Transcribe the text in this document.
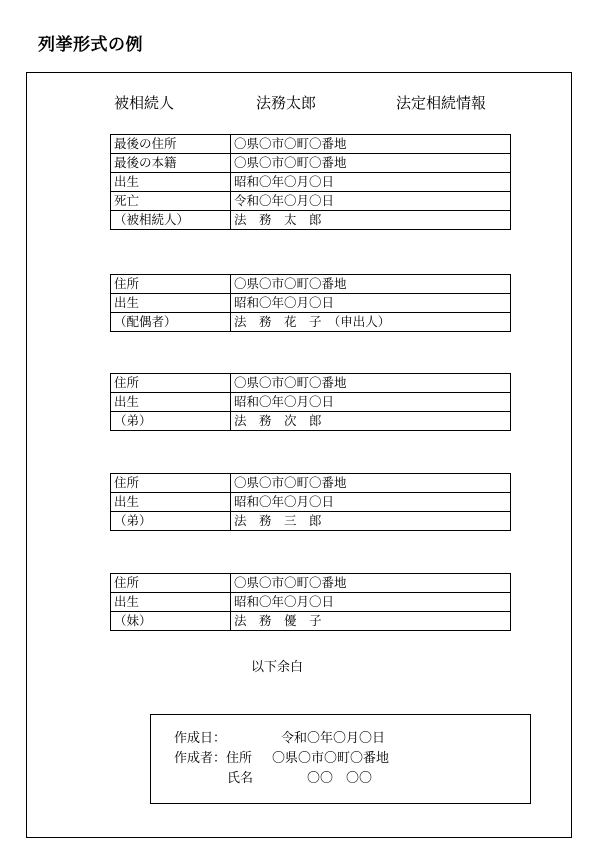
列挙形式の例
被相続人	法務太郎	法定相続情報
最後の住所	〇県〇市〇町〇番地
最後の本籍	〇県〇市〇町〇番地
出生	昭和〇年〇月〇日
死亡	令和〇年〇月〇日
（被相続人）	法　務　太　郎
住所	〇県〇市〇町〇番地
出生	昭和〇年〇月〇日
（配偶者）	法　務　花　子　（申出人）
住所	〇県〇市〇町〇番地
出生	昭和〇年〇月〇日
（弟）	法　務　次　郎
住所	〇県〇市〇町〇番地
出生	昭和〇年〇月〇日
（弟）	法　務　三　郎
住所	〇県〇市〇町〇番地
出生	昭和〇年〇月〇日
（妹）	法　務　優　子
以下余白
作成日：	令和〇年〇月〇日
作成者：住所 〇県〇市〇町〇番地
氏名	〇〇　〇〇
